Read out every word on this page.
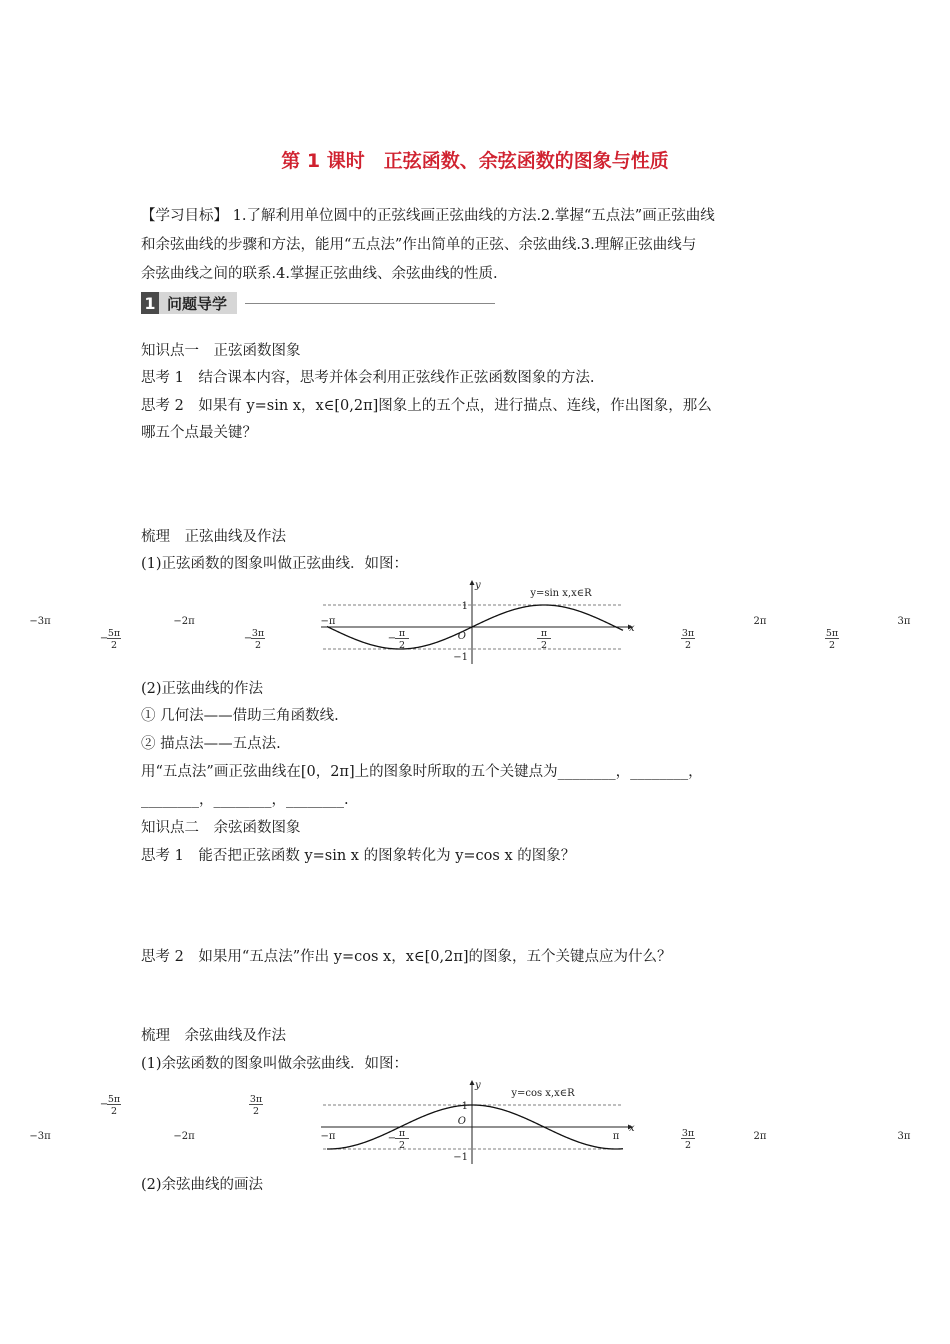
第 1 课时　正弦函数、余弦函数的图象与性质
【学习目标】 1.了解利用单位圆中的正弦线画正弦曲线的方法.2.掌握“五点法”画正弦曲线
和余弦曲线的步骤和方法，能用“五点法”作出简单的正弦、余弦曲线.3.理解正弦曲线与
余弦曲线之间的联系.4.掌握正弦曲线、余弦曲线的性质.
1 问题导学
知识点一　正弦函数图象
思考 1　结合课本内容，思考并体会利用正弦线作正弦函数图象的方法.
思考 2　如果有 y=sin x，x∈[0,2π]图象上的五个点，进行描点、连线，作出图象，那么
哪五个点最关键？
梳理　正弦曲线及作法
(1)正弦函数的图象叫做正弦曲线．如图：
y
x
O
1
−1
y=sin x,x∈R
−3π	−2π	−π	2π	3π
− 5π
2
− 3π
2
− π
2
π
2
3π
2
5π
2
(2)正弦曲线的作法
① 几何法——借助三角函数线.
② 描点法——五点法.
用“五点法”画正弦曲线在[0，2π]上的图象时所取的五个关键点为________，________，
________，________，________.
知识点二　余弦函数图象
思考 1　能否把正弦函数 y=sin x 的图象转化为 y=cos x 的图象？
思考 2　如果用“五点法”作出 y=cos x，x∈[0,2π]的图象，五个关键点应为什么？
梳理　余弦曲线及作法
(1)余弦函数的图象叫做余弦曲线．如图：
y
x
O
1
−1
y=cos x,x∈R
−3π	−2π	−π	π	2π	3π
− 5π
2
3π
2
− π
2
3π
2
(2)余弦曲线的画法
